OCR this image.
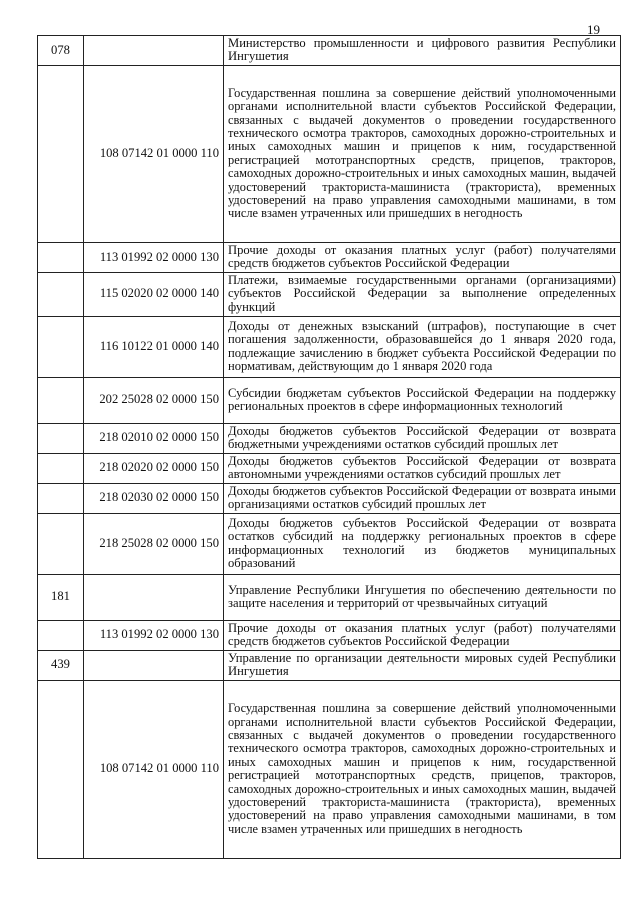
19
078		Министерство промышленности и цифрового развития Республики Ингушетия
	108 07142 01 0000 110	Государственная пошлина за совершение действий уполномоченными органами исполнительной власти субъектов Российской Федерации, связанных с выдачей документов о проведении государственного технического осмотра тракторов, самоходных дорожно-строительных и иных самоходных машин и прицепов к ним, государственной регистрацией мототранспортных средств, прицепов, тракторов, самоходных дорожно-строительных и иных самоходных машин, выдачей удостоверений тракториста-машиниста (тракториста), временных удостоверений на право управления самоходными машинами, в том числе взамен утраченных или пришедших в негодность
	113 01992 02 0000 130	Прочие доходы от оказания платных услуг (работ) получателями средств бюджетов субъектов Российской Федерации
	115 02020 02 0000 140	Платежи, взимаемые государственными органами (организациями) субъектов Российской Федерации за выполнение определенных функций
	116 10122 01 0000 140	Доходы от денежных взысканий (штрафов), поступающие в счет погашения задолженности, образовавшейся до 1 января 2020 года, подлежащие зачислению в бюджет субъекта Российской Федерации по нормативам, действующим до 1 января 2020 года
	202 25028 02 0000 150	Субсидии бюджетам субъектов Российской Федерации на поддержку региональных проектов в сфере информационных технологий
	218 02010 02 0000 150	Доходы бюджетов субъектов Российской Федерации от возврата бюджетными учреждениями остатков субсидий прошлых лет
	218 02020 02 0000 150	Доходы бюджетов субъектов Российской Федерации от возврата автономными учреждениями остатков субсидий прошлых лет
	218 02030 02 0000 150	Доходы бюджетов субъектов Российской Федерации от возврата иными организациями остатков субсидий прошлых лет
	218 25028 02 0000 150	Доходы бюджетов субъектов Российской Федерации от возврата остатков субсидий на поддержку региональных проектов в сфере информационных технологий из бюджетов муниципальных образований
181		Управление Республики Ингушетия по обеспечению деятельности по защите населения и территорий от чрезвычайных ситуаций
	113 01992 02 0000 130	Прочие доходы от оказания платных услуг (работ) получателями средств бюджетов субъектов Российской Федерации
439		Управление по организации деятельности мировых судей Республики Ингушетия
	108 07142 01 0000 110	Государственная пошлина за совершение действий уполномоченными органами исполнительной власти субъектов Российской Федерации, связанных с выдачей документов о проведении государственного технического осмотра тракторов, самоходных дорожно-строительных и иных самоходных машин и прицепов к ним, государственной регистрацией мототранспортных средств, прицепов, тракторов, самоходных дорожно-строительных и иных самоходных машин, выдачей удостоверений тракториста-машиниста (тракториста), временных удостоверений на право управления самоходными машинами, в том числе взамен утраченных или пришедших в негодность
